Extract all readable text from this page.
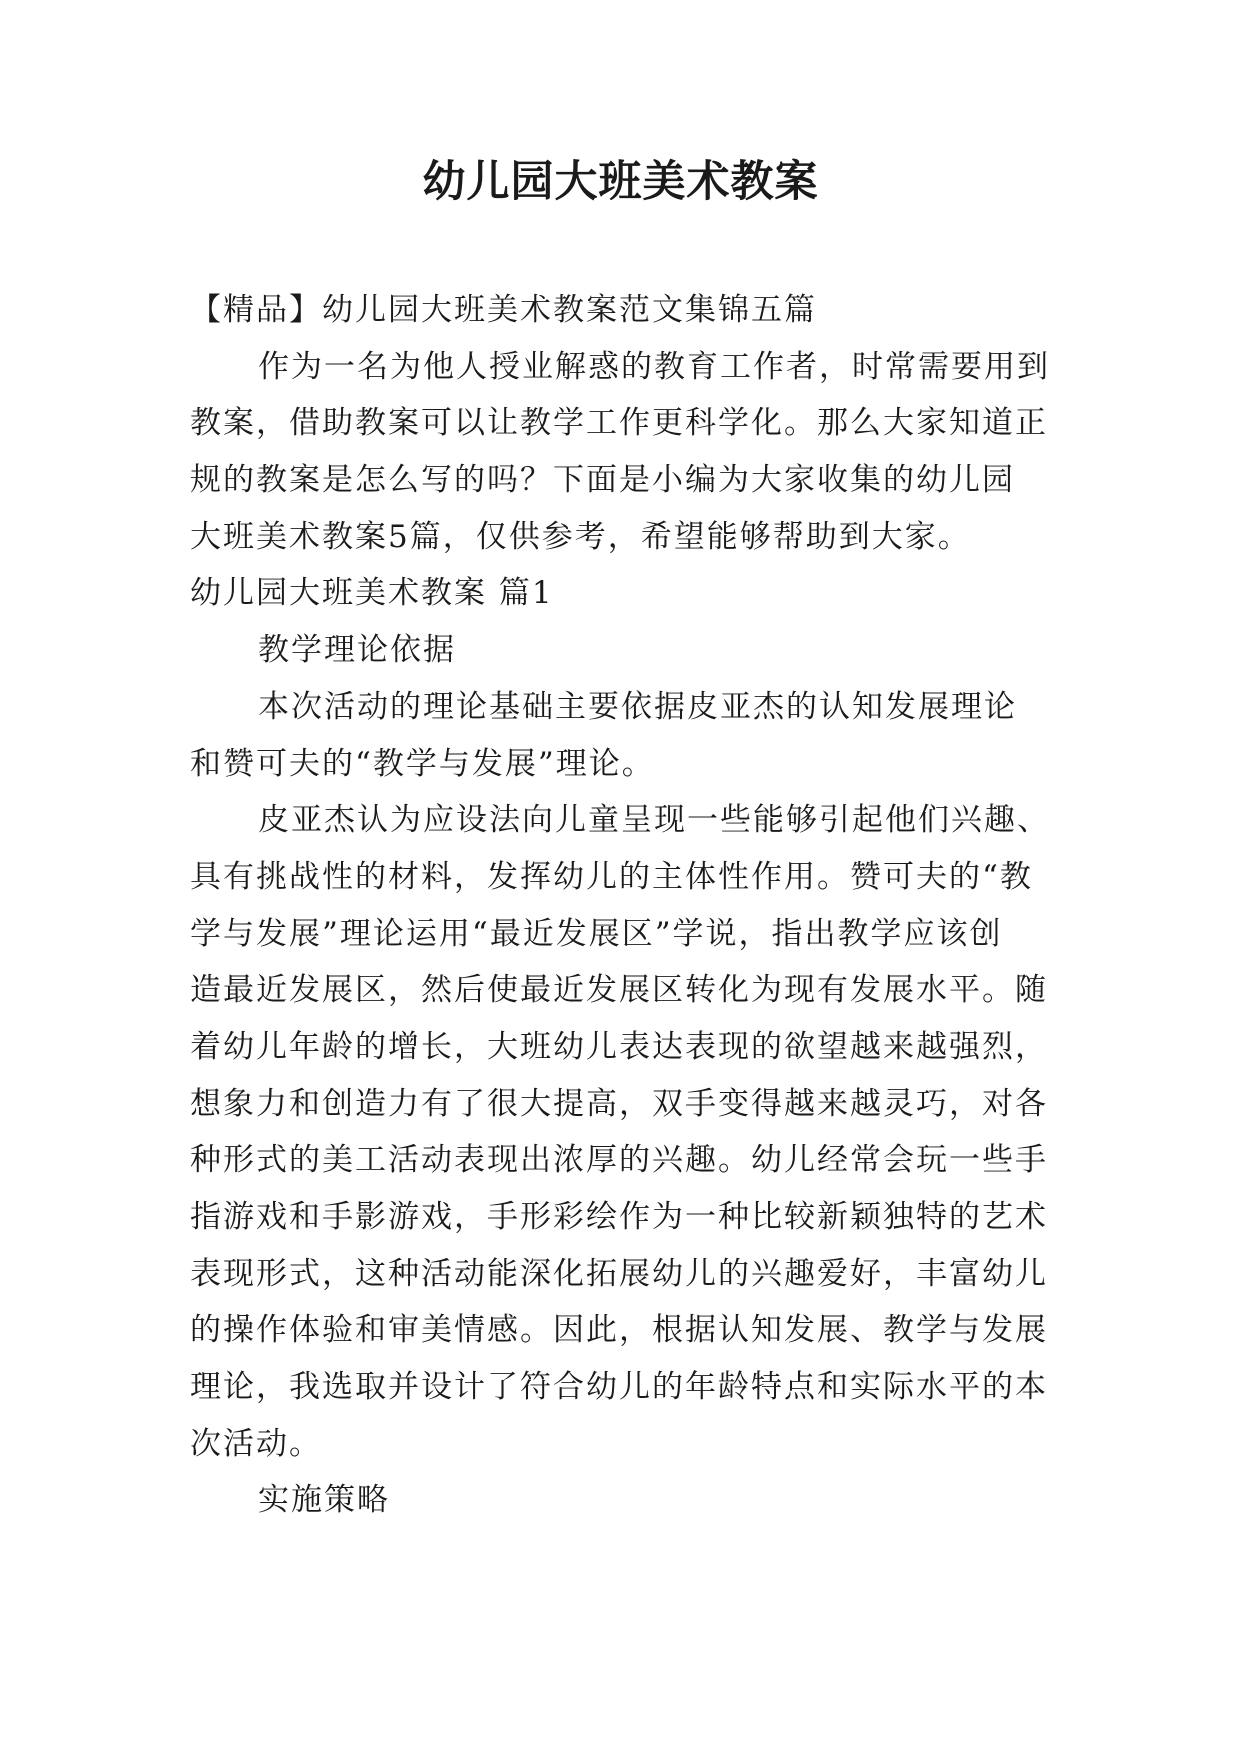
幼儿园大班美术教案
【精品】幼儿园大班美术教案范文集锦五篇
作为一名为他人授业解惑的教育工作者，时常需要用到
教案，借助教案可以让教学工作更科学化。那么大家知道正
规的教案是怎么写的吗？下面是小编为大家收集的幼儿园
大班美术教案5篇，仅供参考，希望能够帮助到大家。
幼儿园大班美术教案 篇1
教学理论依据
本次活动的理论基础主要依据皮亚杰的认知发展理论
和赞可夫的“教学与发展”理论。
皮亚杰认为应设法向儿童呈现一些能够引起他们兴趣、
具有挑战性的材料，发挥幼儿的主体性作用。赞可夫的“教
学与发展”理论运用“最近发展区”学说，指出教学应该创
造最近发展区，然后使最近发展区转化为现有发展水平。随
着幼儿年龄的增长，大班幼儿表达表现的欲望越来越强烈，
想象力和创造力有了很大提高，双手变得越来越灵巧，对各
种形式的美工活动表现出浓厚的兴趣。幼儿经常会玩一些手
指游戏和手影游戏，手形彩绘作为一种比较新颖独特的艺术
表现形式，这种活动能深化拓展幼儿的兴趣爱好，丰富幼儿
的操作体验和审美情感。因此，根据认知发展、教学与发展
理论，我选取并设计了符合幼儿的年龄特点和实际水平的本
次活动。
实施策略
